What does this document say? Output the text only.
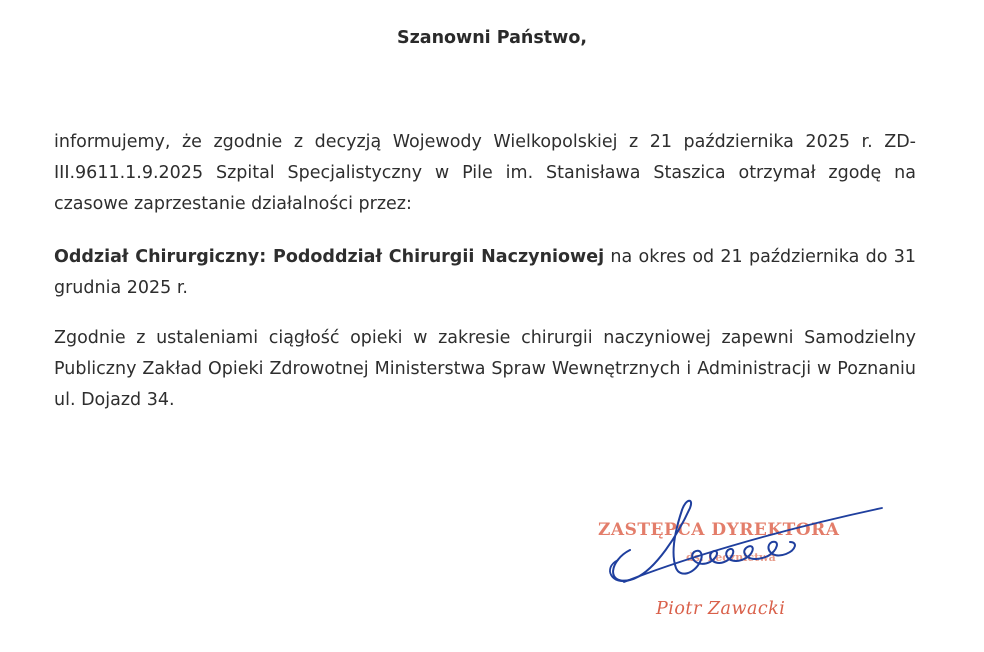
Szanowni Państwo,
informujemy, że zgodnie z decyzją Wojewody Wielkopolskiej z 21 października 2025 r. ZD-III.9611.1.9.2025 Szpital Specjalistyczny w Pile im. Stanisława Staszica otrzymał zgodę na czasowe zaprzestanie działalności przez:
Oddział Chirurgiczny: Pododdział Chirurgii Naczyniowej na okres od 21 października do 31 grudnia 2025 r.
Zgodnie z ustaleniami ciągłość opieki w zakresie chirurgii naczyniowej zapewni Samodzielny Publiczny Zakład Opieki Zdrowotnej Ministerstwa Spraw Wewnętrznych i Administracji w Poznaniu ul. Dojazd 34.
ZASTĘPCA DYREKTORA
ds. Lecznictwa
Piotr Zawacki
